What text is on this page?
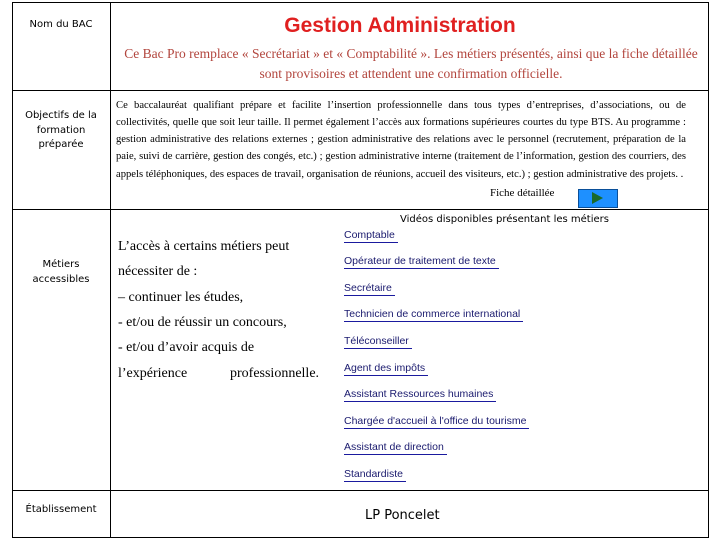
Nom du BAC
Objectifs de la formation préparée
Métiers accessibles
Établissement
Gestion Administration
Ce Bac Pro remplace « Secrétariat » et « Comptabilité ». Les métiers présentés, ainsi que la fiche détaillée sont provisoires et attendent une confirmation officielle.
Ce baccalauréat qualifiant prépare et facilite l’insertion professionnelle dans tous types d’entreprises, d’associations, ou de collectivités, quelle que soit leur taille. Il permet également l’accès aux formations supérieures courtes du type BTS. Au programme : gestion administrative des relations externes ; gestion administrative des relations avec le personnel (recrutement, préparation de la paie, suivi de carrière, gestion des congés, etc.) ; gestion administrative interne (traitement de l’information, gestion des courriers, des appels téléphoniques, des espaces de travail, organisation de réunions, accueil des visiteurs, etc.) ; gestion administrative des projets. .
Fiche détaillée
Vidéos disponibles présentant les métiers
L’accès à certains métiers peut
nécessiter de :
– continuer les études,
- et/ou de réussir un concours,
- et/ou d’avoir acquis de
l’expérience	professionnelle.
Comptable
Opérateur de traitement de texte
Secrétaire
Technicien de commerce international
Téléconseiller
Agent des impôts
Assistant Ressources humaines
Chargée d'accueil à l'office du tourisme
Assistant de direction
Standardiste
LP Poncelet
